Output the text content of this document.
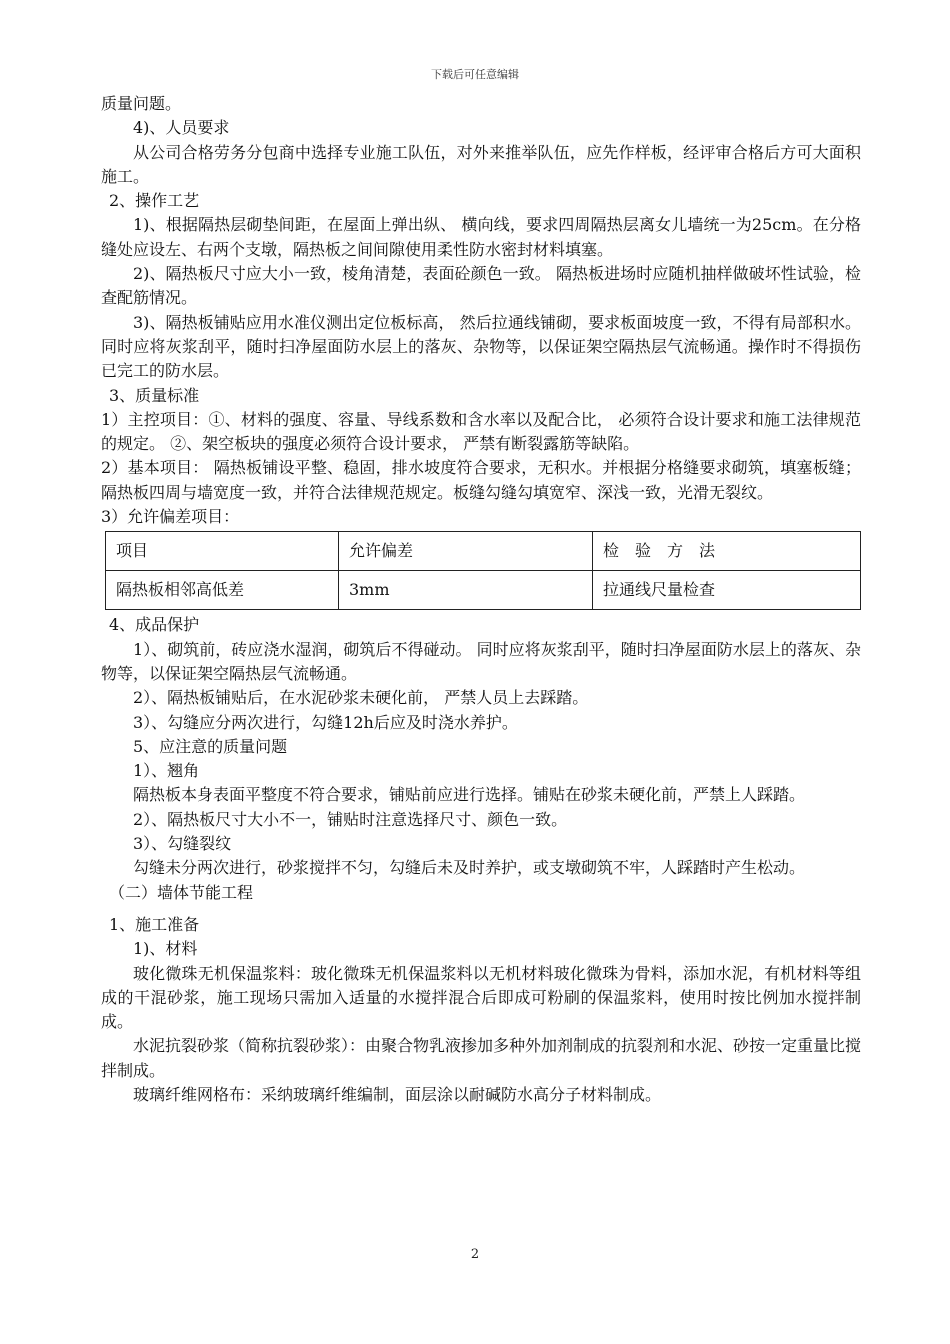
下载后可任意编辑

质量问题。

4)、人员要求

从公司合格劳务分包商中选择专业施工队伍，对外来推举队伍，应先作样板，经评审合格后方可大面积施工。

2、操作工艺

1)、根据隔热层砌垫间距，在屋面上弹出纵、 横向线，要求四周隔热层离女儿墙统一为25cm。在分格缝处应设左、右两个支墩，隔热板之间间隙使用柔性防水密封材料填塞。

2)、隔热板尺寸应大小一致，棱角清楚，表面砼颜色一致。 隔热板进场时应随机抽样做破坏性试验，检查配筋情况。

3)、隔热板铺贴应用水准仪测出定位板标高， 然后拉通线铺砌，要求板面坡度一致，不得有局部积水。同时应将灰浆刮平，随时扫净屋面防水层上的落灰、杂物等，以保证架空隔热层气流畅通。操作时不得损伤已完工的防水层。

3、质量标准

1）主控项目：①、材料的强度、容量、导线系数和含水率以及配合比， 必须符合设计要求和施工法律规范的规定。 ②、架空板块的强度必须符合设计要求， 严禁有断裂露筋等缺陷。

2）基本项目： 隔热板铺设平整、稳固，排水坡度符合要求，无积水。并根据分格缝要求砌筑，填塞板缝；隔热板四周与墙宽度一致，并符合法律规范规定。板缝勾缝勾填宽窄、深浅一致，光滑无裂纹。

3）允许偏差项目：

项目	允许偏差	检　验　方　法
隔热板相邻高低差	3mm	拉通线尺量检查

4、成品保护

1）、砌筑前，砖应浇水湿润，砌筑后不得碰动。 同时应将灰浆刮平，随时扫净屋面防水层上的落灰、杂物等，以保证架空隔热层气流畅通。

2）、隔热板铺贴后，在水泥砂浆未硬化前， 严禁人员上去踩踏。

3）、勾缝应分两次进行，勾缝12h后应及时浇水养护。

5、应注意的质量问题

1）、翘角

隔热板本身表面平整度不符合要求，铺贴前应进行选择。铺贴在砂浆未硬化前，严禁上人踩踏。

2）、隔热板尺寸大小不一，铺贴时注意选择尺寸、颜色一致。

3）、勾缝裂纹

勾缝未分两次进行，砂浆搅拌不匀，勾缝后未及时养护，或支墩砌筑不牢，人踩踏时产生松动。

（二）墙体节能工程

1、施工准备

1)、材料

玻化微珠无机保温浆料：玻化微珠无机保温浆料以无机材料玻化微珠为骨料，添加水泥，有机材料等组成的干混砂浆，施工现场只需加入适量的水搅拌混合后即成可粉刷的保温浆料，使用时按比例加水搅拌制成。

水泥抗裂砂浆（简称抗裂砂浆）：由聚合物乳液掺加多种外加剂制成的抗裂剂和水泥、砂按一定重量比搅拌制成。

玻璃纤维网格布：采纳玻璃纤维编制，面层涂以耐碱防水高分子材料制成。

2
